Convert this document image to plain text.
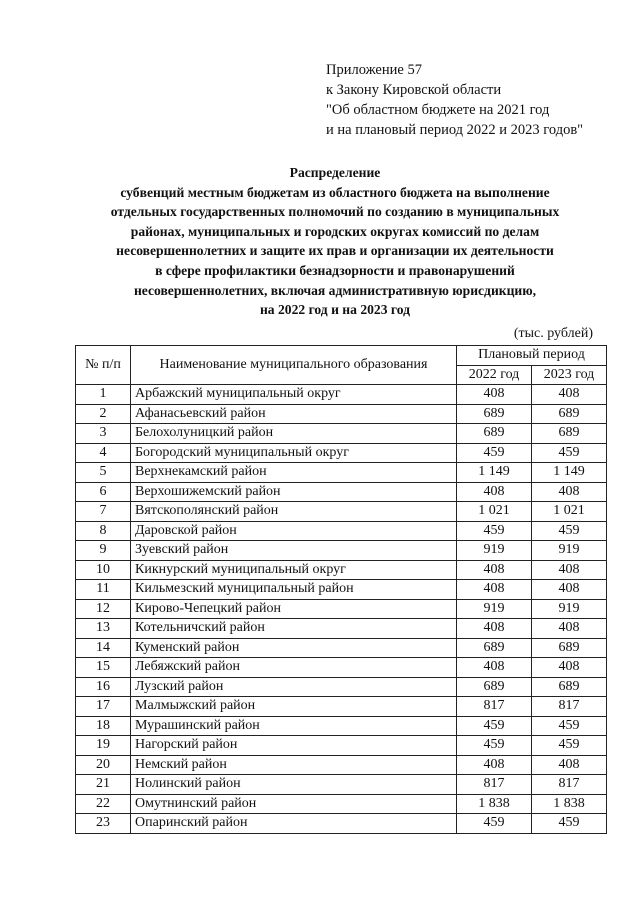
Приложение 57
к Закону Кировской области
"Об областном бюджете на 2021 год
и на плановый период 2022 и 2023 годов"
Распределение
субвенций местным бюджетам из областного бюджета на выполнение
отдельных государственных полномочий по созданию в муниципальных
районах, муниципальных и городских округах комиссий по делам
несовершеннолетних и защите их прав и организации их деятельности
в сфере профилактики безнадзорности и правонарушений
несовершеннолетних, включая административную юрисдикцию,
на 2022 год и на 2023 год
(тыс. рублей)
№ п/п	Наименование муниципального образования	Плановый период	
		2022 год	2023 год
1	Арбажский муниципальный округ	408	408
2	Афанасьевский район	689	689
3	Белохолуницкий район	689	689
4	Богородский муниципальный округ	459	459
5	Верхнекамский район	1 149	1 149
6	Верхошижемский район	408	408
7	Вятскополянский район	1 021	1 021
8	Даровской район	459	459
9	Зуевский район	919	919
10	Кикнурский муниципальный округ	408	408
11	Кильмезский муниципальный район	408	408
12	Кирово-Чепецкий район	919	919
13	Котельничский район	408	408
14	Куменский район	689	689
15	Лебяжский район	408	408
16	Лузский район	689	689
17	Малмыжский район	817	817
18	Мурашинский район	459	459
19	Нагорский район	459	459
20	Немский район	408	408
21	Нолинский район	817	817
22	Омутнинский район	1 838	1 838
23	Опаринский район	459	459
